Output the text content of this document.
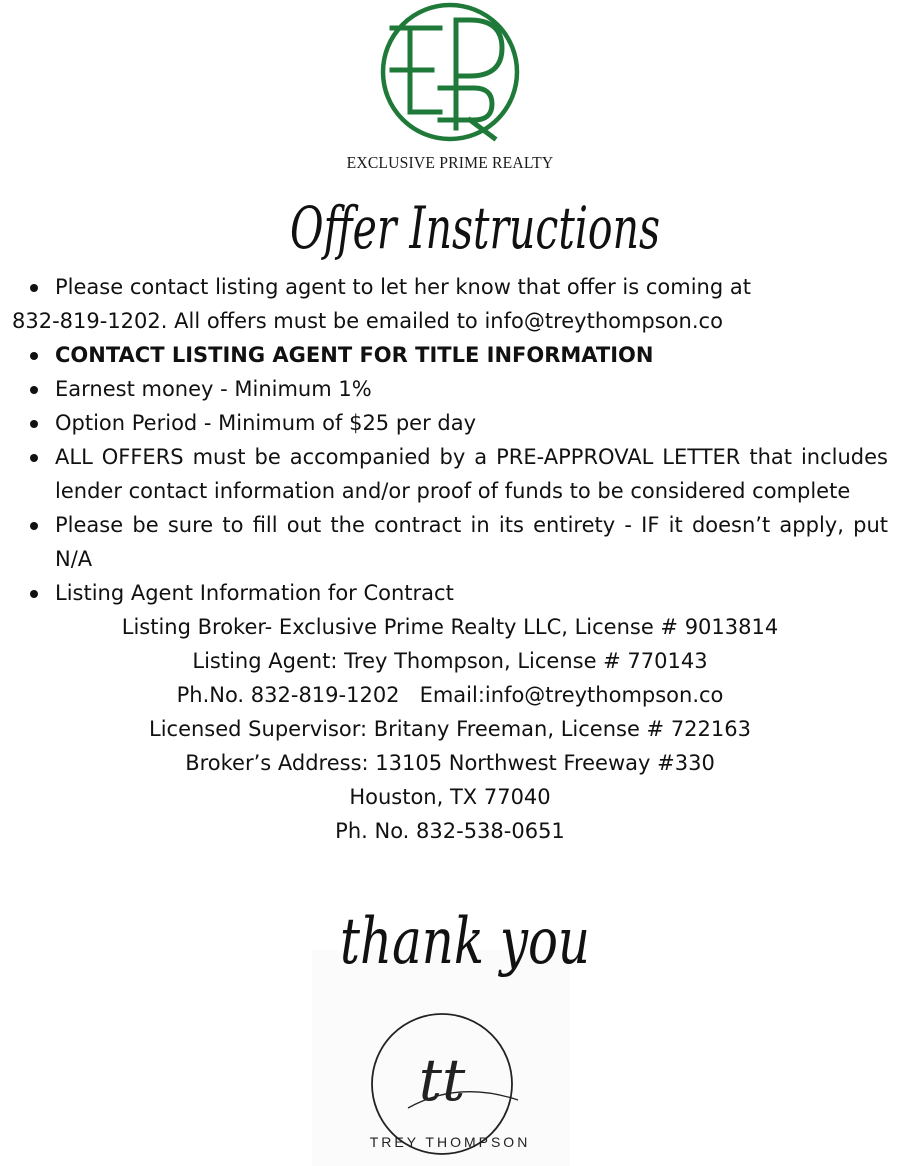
EXCLUSIVE PRIME REALTY
Offer Instructions
Please contact listing agent to let her know that offer is coming at
832-819-1202. All offers must be emailed to info@treythompson.co
CONTACT LISTING AGENT FOR TITLE INFORMATION
Earnest money - Minimum 1%
Option Period - Minimum of $25 per day
ALL OFFERS must be accompanied by a PRE-APPROVAL LETTER that includes lender contact information and/or proof of funds to be considered complete
Please be sure to fill out the contract in its entirety - IF it doesn’t apply, put N/A
Listing Agent Information for Contract
Listing Broker- Exclusive Prime Realty LLC, License # 9013814
Listing Agent: Trey Thompson, License # 770143
Ph.No. 832-819-1202   Email:info@treythompson.co
Licensed Supervisor: Britany Freeman, License # 722163
Broker’s Address: 13105 Northwest Freeway #330
Houston, TX 77040
Ph. No. 832-538-0651
tt
thank you
TREY THOMPSON
